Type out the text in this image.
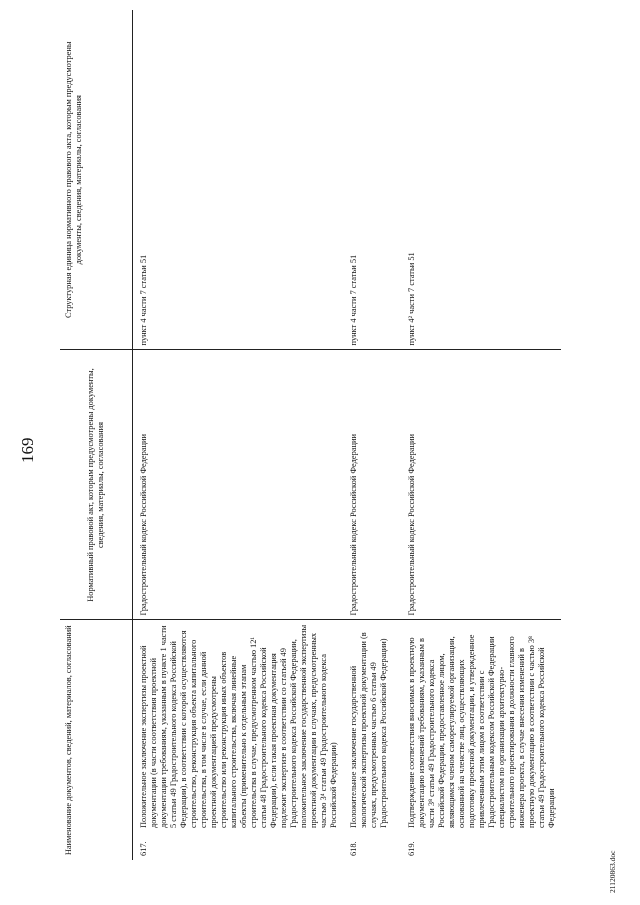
169
Наименование документов, сведений, материалов, согласований		Нормативный правовой акт, которым предусмотрены документы, сведения, материалы, согласования	Структурная единица нормативного правового акта, которым предусмотрены документы, сведения, материалы, согласования
617.	Положительное заключение экспертизы проектной документации (в части соответствия проектной документации требованиям, указанным в пункте 1 части 5 статьи 49 Градостроительного кодекса Российской Федерации), в соответствии с которой осуществляются строительство, реконструкция объекта капитального строительства, в том числе в случае, если данной проектной документацией предусмотрены строительство или реконструкция иных объектов капитального строительства, включая линейные объекты (применительно к отдельным этапам строительства в случае, предусмотренном частью 12¹ статьи 48 Градостроительного кодекса Российской Федерации), если такая проектная документация подлежит экспертизе в соответствии со статьей 49 Градостроительного кодекса Российской Федерации, положительное заключение государственной экспертизы проектной документации в случаях, предусмотренных частью 3⁴ статьи 49 Градостроительного кодекса Российской Федерации)	Градостроительный кодекс Российской Федерации	пункт 4 части 7 статьи 51
618.	Положительное заключение государственной экологической экспертизы проектной документации (в случаях, предусмотренных частью 6 статьи 49 Градостроительного кодекса Российской Федерации)	Градостроительный кодекс Российской Федерации	пункт 4 части 7 статьи 51
619.	Подтверждение соответствия вносимых в проектную документацию изменений требованиям, указанным в части 3⁸ статьи 49 Градостроительного кодекса Российской Федерации, предоставленное лицом, являющимся членом саморегулируемой организации, основанной на членстве лиц, осуществляющих подготовку проектной документации, и утвержденное привлеченным этим лицом в соответствии с Градостроительным кодексом Российской Федерации специалистом по организации архитектурно-строительного проектирования в должности главного инженера проекта, в случае внесения изменений в проектную документацию в соответствии с частью 3⁸ статьи 49 Градостроительного кодекса Российской Федерации	Градостроительный кодекс Российской Федерации	пункт 4² части 7 статьи 51
21120863.doc
